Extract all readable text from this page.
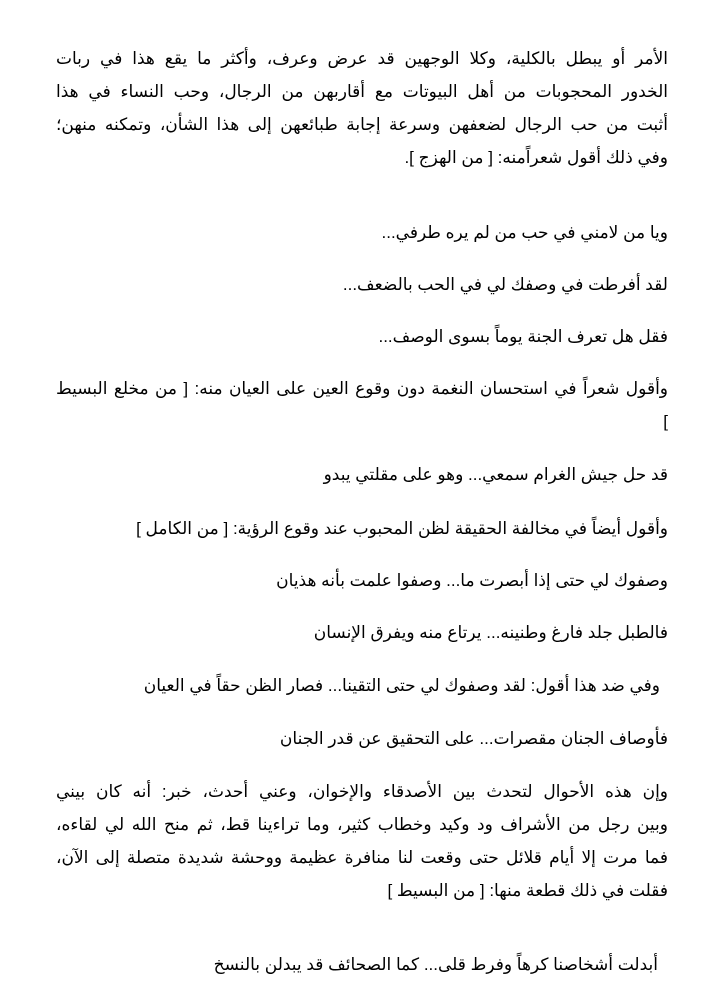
الأمر أو يبطل بالكلية، وكلا الوجهين قد عرض وعرف، وأكثر ما يقع هذا في ربات
الخدور المحجوبات من أهل البيوتات مع أقاربهن من الرجال، وحب النساء في هذا
أثبت من حب الرجال لضعفهن وسرعة إجابة طبائعهن إلى هذا الشأن، وتمكنه منهن؛
وفي ذلك أقول شعراًمنه: [ من الهزج ].
ويا من لامني في حب من لم يره طرفي...
لقد أفرطت في وصفك لي في الحب بالضعف...
فقل هل تعرف الجنة يوماً بسوى الوصف...
وأقول شعراً في استحسان النغمة دون وقوع العين على العيان منه: [ من مخلع البسيط
]
قد حل جيش الغرام سمعي... وهو على مقلتي يبدو
وأقول أيضاً في مخالفة الحقيقة لظن المحبوب عند وقوع الرؤية: [ من الكامل ]
وصفوك لي حتى إذا أبصرت ما... وصفوا علمت بأنه هذيان
فالطبل جلد فارغ وطنينه... يرتاع منه ويفرق الإنسان
وفي ضد هذا أقول: لقد وصفوك لي حتى التقينا... فصار الظن حقاً في العيان
فأوصاف الجنان مقصرات... على التحقيق عن قدر الجنان
وإن هذه الأحوال لتحدث بين الأصدقاء والإخوان، وعني أحدث، خبر: أنه كان بيني
وبين رجل من الأشراف ود وكيد وخطاب كثير، وما تراءينا قط، ثم منح الله لي لقاءه،
فما مرت إلا أيام قلائل حتى وقعت لنا منافرة عظيمة ووحشة شديدة متصلة إلى الآن،
فقلت في ذلك قطعة منها: [ من البسيط ]
أبدلت أشخاصنا كرهاً وفرط قلى... كما الصحائف قد يبدلن بالنسخ
